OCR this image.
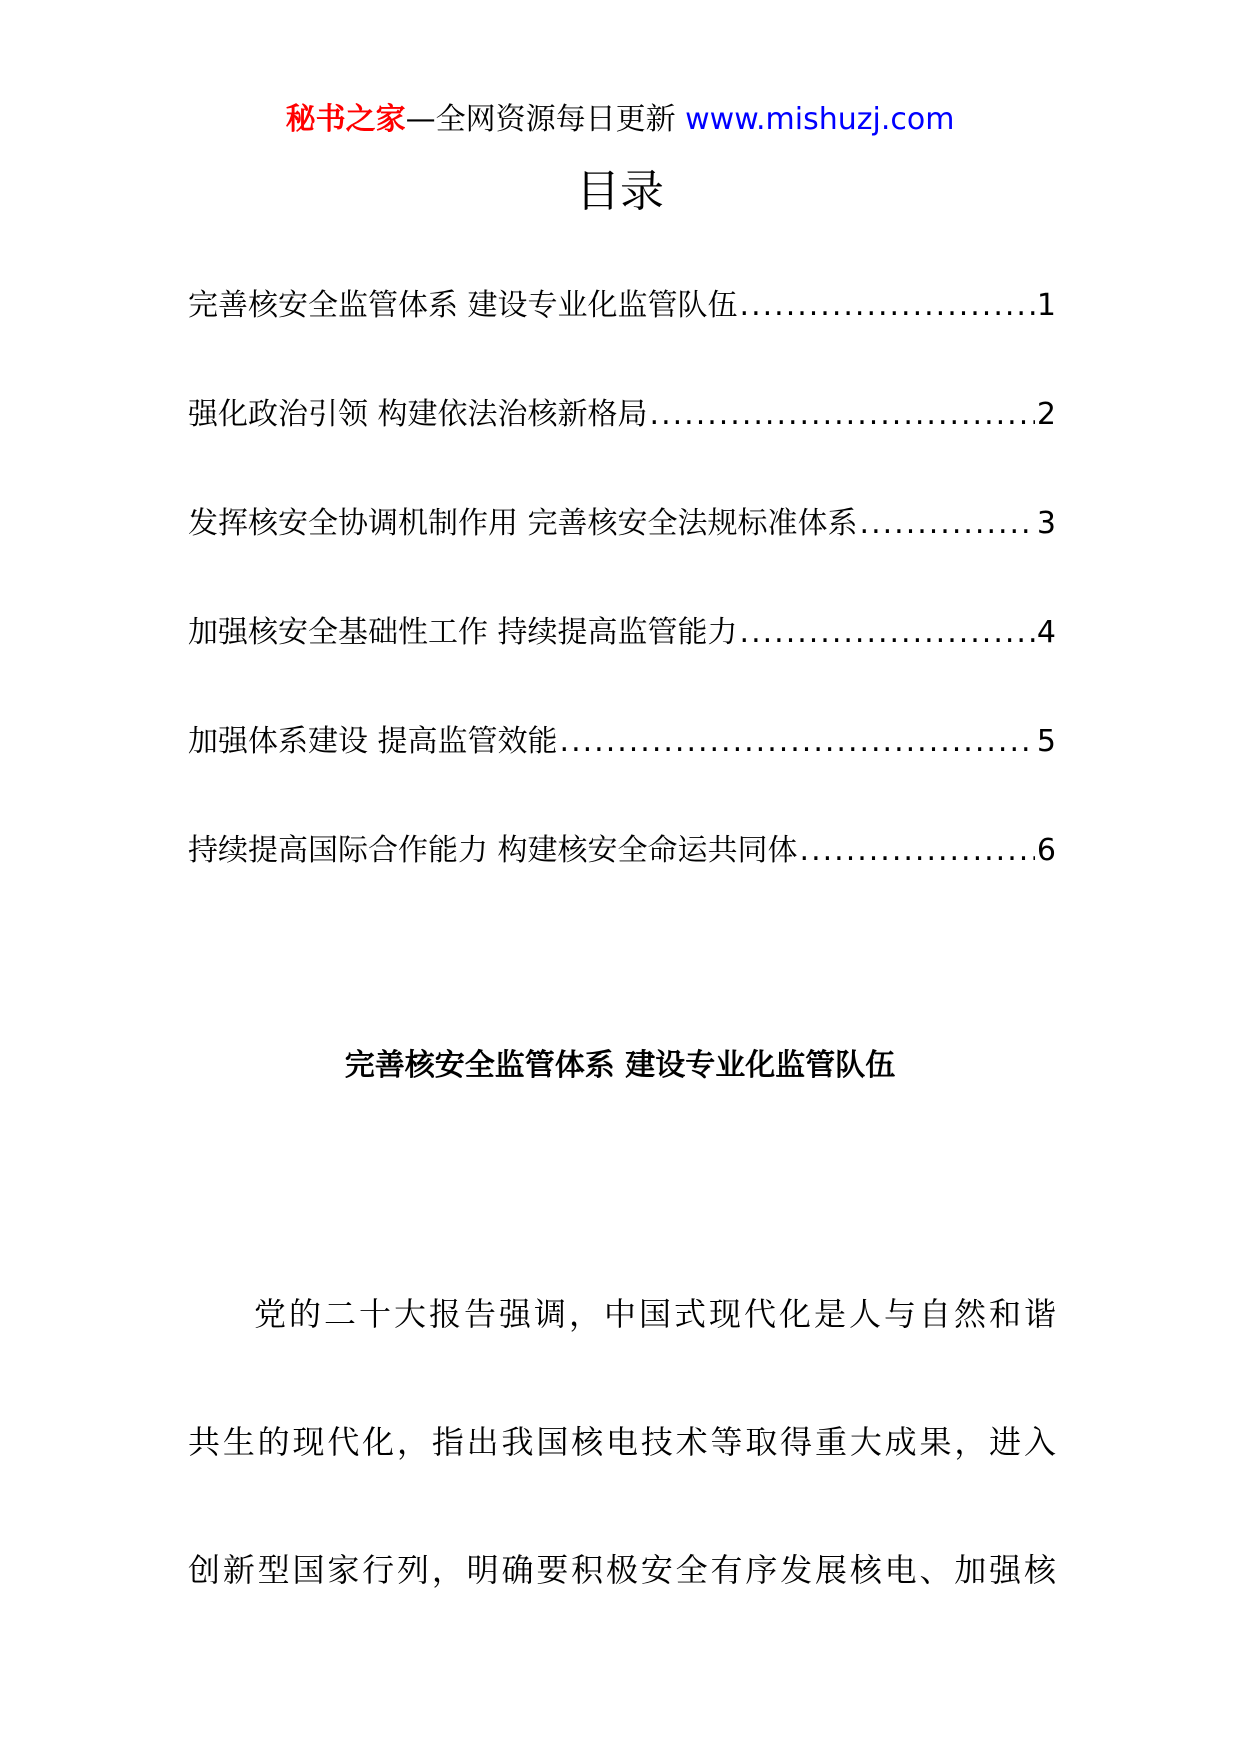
秘书之家—全网资源每日更新 www.mishuzj.com
目录
完善核安全监管体系 建设专业化监管队伍 .....	1
强化政治引领 构建依法治核新格局 .....	2
发挥核安全协调机制作用 完善核安全法规标准体系 .....	3
加强核安全基础性工作 持续提高监管能力 .....	4
加强体系建设 提高监管效能 .....	5
持续提高国际合作能力 构建核安全命运共同体 .....	6
完善核安全监管体系 建设专业化监管队伍
党的二十大报告强调，中国式现代化是人与自然和谐
共生的现代化，指出我国核电技术等取得重大成果，进入
创新型国家行列，明确要积极安全有序发展核电、加强核
